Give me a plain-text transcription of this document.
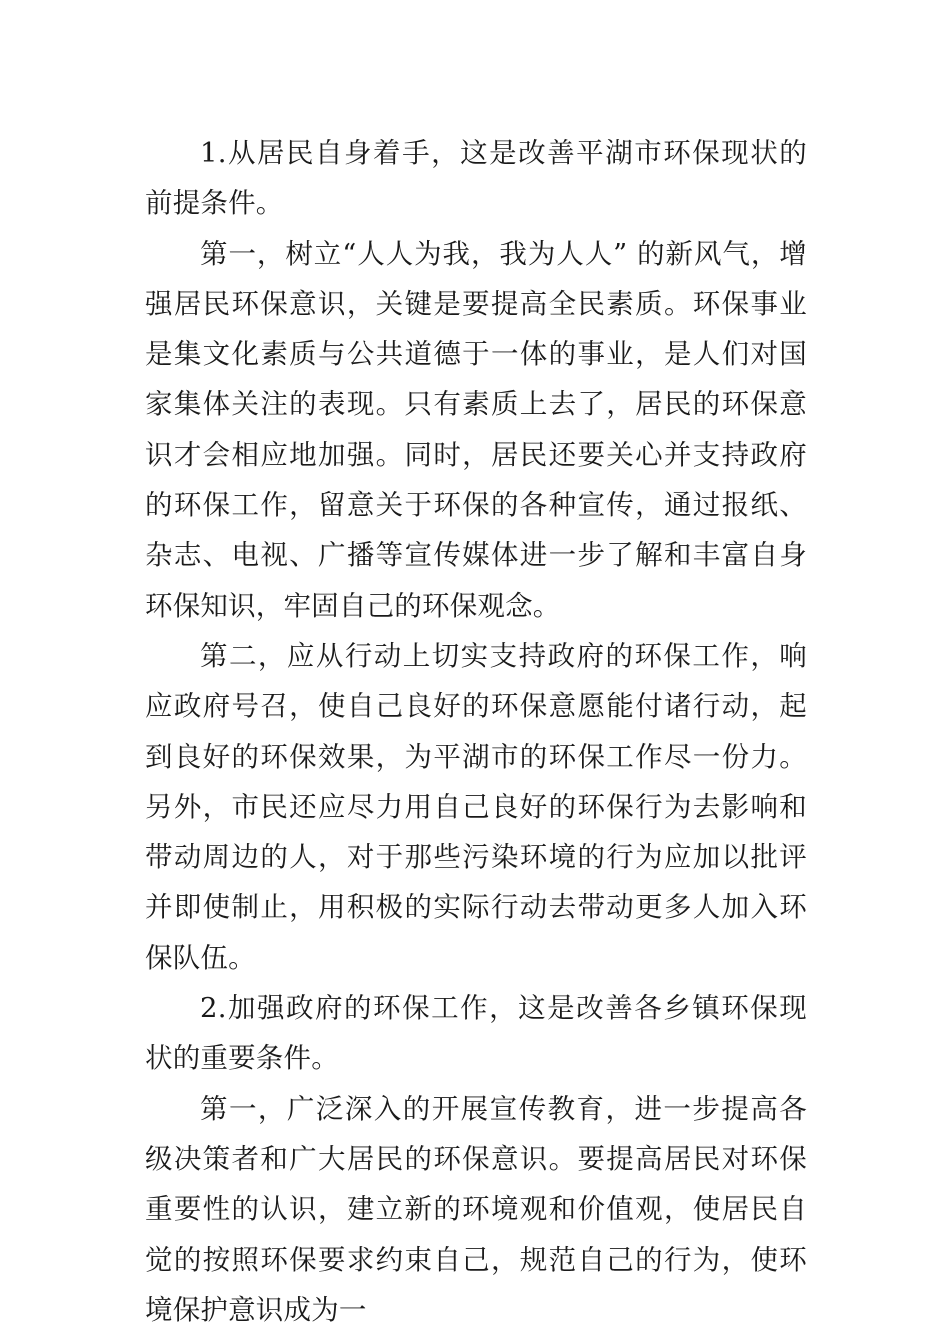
1.从居民自身着手，这是改善平湖市环保现状的前提条件。

第一，树立“人人为我，我为人人” 的新风气，增强居民环保意识，关键是要提高全民素质。环保事业是集文化素质与公共道德于一体的事业，是人们对国家集体关注的表现。只有素质上去了，居民的环保意识才会相应地加强。同时，居民还要关心并支持政府的环保工作，留意关于环保的各种宣传，通过报纸、杂志、电视、广播等宣传媒体进一步了解和丰富自身环保知识，牢固自己的环保观念。

第二，应从行动上切实支持政府的环保工作，响应政府号召，使自己良好的环保意愿能付诸行动，起到良好的环保效果，为平湖市的环保工作尽一份力。另外，市民还应尽力用自己良好的环保行为去影响和带动周边的人，对于那些污染环境的行为应加以批评并即使制止，用积极的实际行动去带动更多人加入环保队伍。

2.加强政府的环保工作，这是改善各乡镇环保现状的重要条件。

第一，广泛深入的开展宣传教育，进一步提高各级决策者和广大居民的环保意识。要提高居民对环保重要性的认识，建立新的环境观和价值观，使居民自觉的按照环保要求约束自己，规范自己的行为，使环境保护意识成为一
